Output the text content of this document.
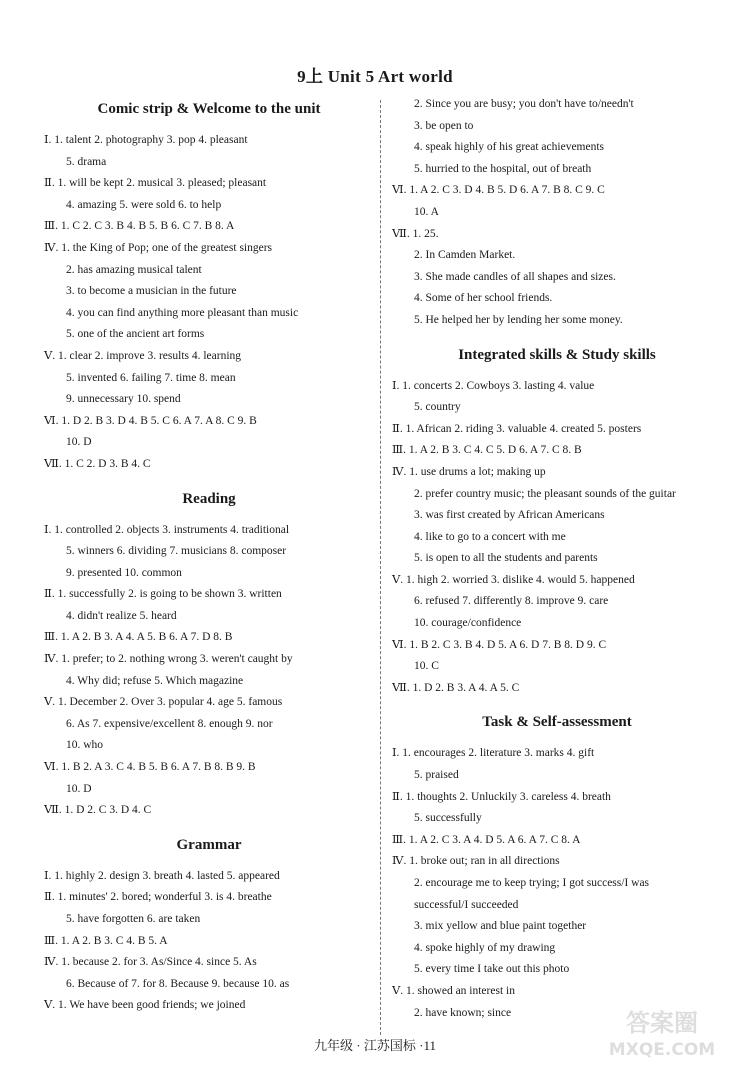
9上 Unit 5 Art world
Comic strip & Welcome to the unit
Ⅰ. 1. talent 2. photography 3. pop 4. pleasant
5. drama
Ⅱ. 1. will be kept 2. musical 3. pleased; pleasant
4. amazing 5. were sold 6. to help
Ⅲ. 1. C 2. C 3. B 4. B 5. B 6. C 7. B 8. A
Ⅳ. 1. the King of Pop; one of the greatest singers
2. has amazing musical talent
3. to become a musician in the future
4. you can find anything more pleasant than music
5. one of the ancient art forms
Ⅴ. 1. clear 2. improve 3. results 4. learning
5. invented 6. failing 7. time 8. mean
9. unnecessary 10. spend
Ⅵ. 1. D 2. B 3. D 4. B 5. C 6. A 7. A 8. C 9. B
10. D
Ⅶ. 1. C 2. D 3. B 4. C
Reading
Ⅰ. 1. controlled 2. objects 3. instruments 4. traditional
5. winners 6. dividing 7. musicians 8. composer
9. presented 10. common
Ⅱ. 1. successfully 2. is going to be shown 3. written
4. didn't realize 5. heard
Ⅲ. 1. A 2. B 3. A 4. A 5. B 6. A 7. D 8. B
Ⅳ. 1. prefer; to 2. nothing wrong 3. weren't caught by
4. Why did; refuse 5. Which magazine
Ⅴ. 1. December 2. Over 3. popular 4. age 5. famous
6. As 7. expensive/excellent 8. enough 9. nor
10. who
Ⅵ. 1. B 2. A 3. C 4. B 5. B 6. A 7. B 8. B 9. B
10. D
Ⅶ. 1. D 2. C 3. D 4. C
Grammar
Ⅰ. 1. highly 2. design 3. breath 4. lasted 5. appeared
Ⅱ. 1. minutes' 2. bored; wonderful 3. is 4. breathe
5. have forgotten 6. are taken
Ⅲ. 1. A 2. B 3. C 4. B 5. A
Ⅳ. 1. because 2. for 3. As/Since 4. since 5. As
6. Because of 7. for 8. Because 9. because 10. as
Ⅴ. 1. We have been good friends; we joined
2. Since you are busy; you don't have to/needn't
3. be open to
4. speak highly of his great achievements
5. hurried to the hospital, out of breath
Ⅵ. 1. A 2. C 3. D 4. B 5. D 6. A 7. B 8. C 9. C
10. A
Ⅶ. 1. 25.
2. In Camden Market.
3. She made candles of all shapes and sizes.
4. Some of her school friends.
5. He helped her by lending her some money.
Integrated skills & Study skills
Ⅰ. 1. concerts 2. Cowboys 3. lasting 4. value
5. country
Ⅱ. 1. African 2. riding 3. valuable 4. created 5. posters
Ⅲ. 1. A 2. B 3. C 4. C 5. D 6. A 7. C 8. B
Ⅳ. 1. use drums a lot; making up
2. prefer country music; the pleasant sounds of the guitar
3. was first created by African Americans
4. like to go to a concert with me
5. is open to all the students and parents
Ⅴ. 1. high 2. worried 3. dislike 4. would 5. happened
6. refused 7. differently 8. improve 9. care
10. courage/confidence
Ⅵ. 1. B 2. C 3. B 4. D 5. A 6. D 7. B 8. D 9. C
10. C
Ⅶ. 1. D 2. B 3. A 4. A 5. C
Task & Self-assessment
Ⅰ. 1. encourages 2. literature 3. marks 4. gift
5. praised
Ⅱ. 1. thoughts 2. Unluckily 3. careless 4. breath
5. successfully
Ⅲ. 1. A 2. C 3. A 4. D 5. A 6. A 7. C 8. A
Ⅳ. 1. broke out; ran in all directions
2. encourage me to keep trying; I got success/I was
successful/I succeeded
3. mix yellow and blue paint together
4. spoke highly of my drawing
5. every time I take out this photo
Ⅴ. 1. showed an interest in
2. have known; since
九年级 · 江苏国标 ·11
答案圈
MXQE.COM
